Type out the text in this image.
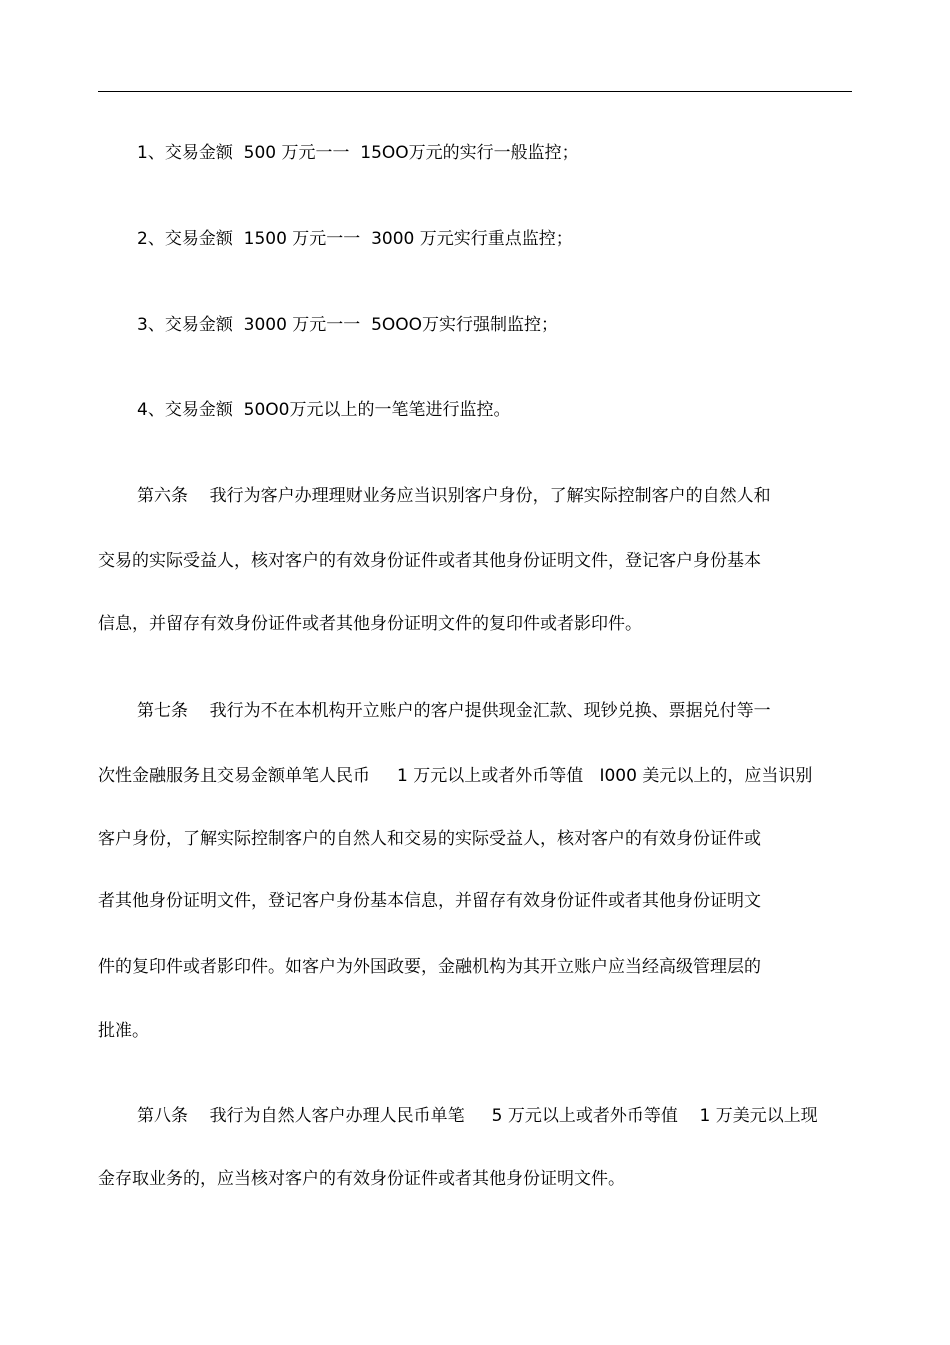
1、交易金额  500 万元一一  15OO万元的实行一般监控；
2、交易金额  1500 万元一一  3000 万元实行重点监控；
3、交易金额  3000 万元一一  5OOO万实行强制监控；
4、交易金额  50O0万元以上的一笔笔进行监控。
第六条    我行为客户办理理财业务应当识别客户身份，了解实际控制客户的自然人和
交易的实际受益人，核对客户的有效身份证件或者其他身份证明文件，登记客户身份基本
信息，并留存有效身份证件或者其他身份证明文件的复印件或者影印件。
第七条    我行为不在本机构开立账户的客户提供现金汇款、现钞兑换、票据兑付等一
次性金融服务且交易金额单笔人民币     1 万元以上或者外币等值   I000 美元以上的，应当识别
客户身份，了解实际控制客户的自然人和交易的实际受益人，核对客户的有效身份证件或
者其他身份证明文件，登记客户身份基本信息，并留存有效身份证件或者其他身份证明文
件的复印件或者影印件。如客户为外国政要，金融机构为其开立账户应当经高级管理层的
批准。
第八条    我行为自然人客户办理人民币单笔     5 万元以上或者外币等值    1 万美元以上现
金存取业务的，应当核对客户的有效身份证件或者其他身份证明文件。
